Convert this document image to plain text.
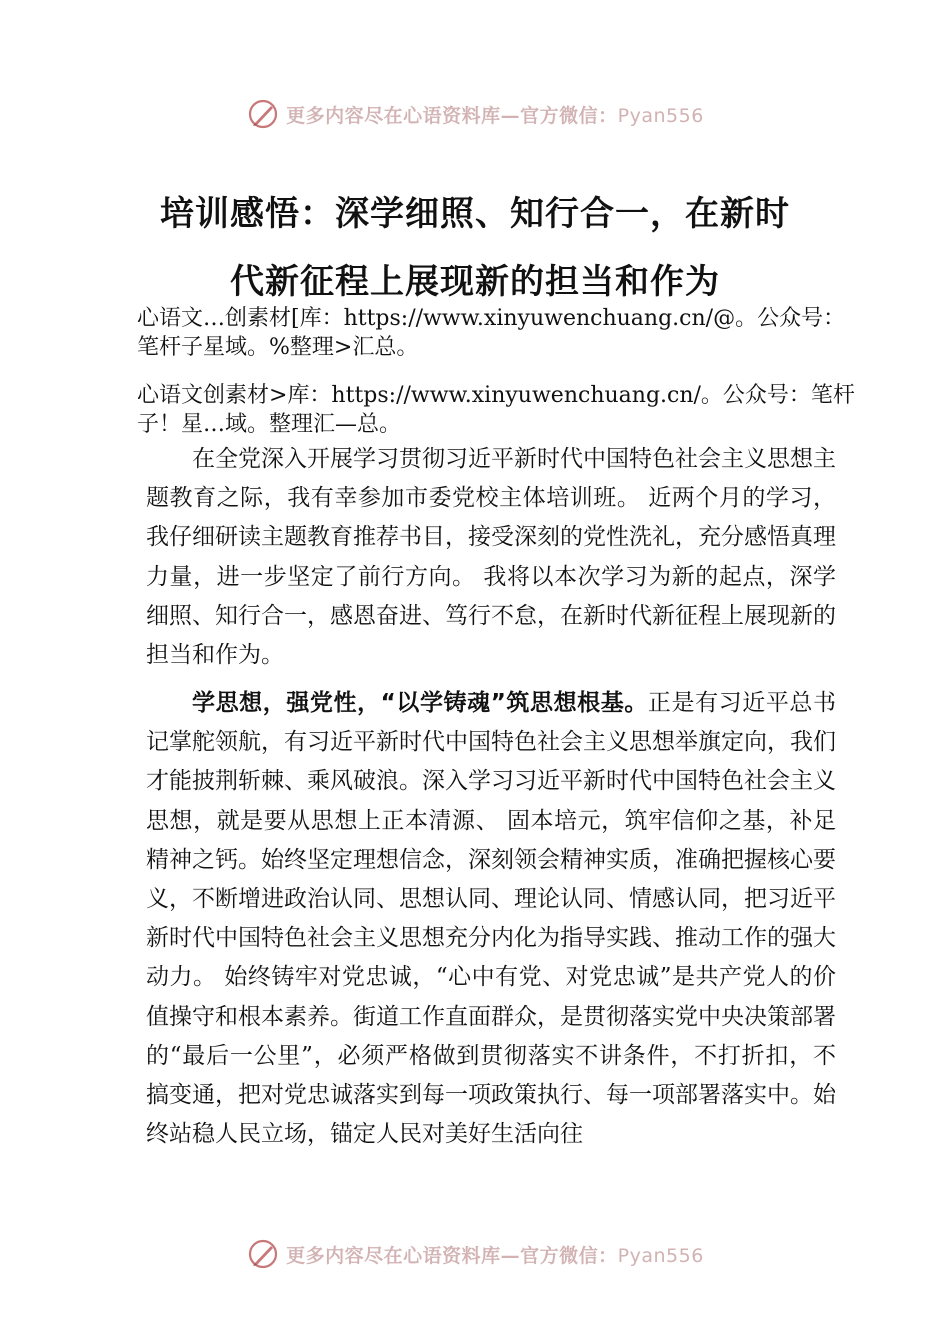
更多内容尽在心语资料库—官方微信：Pyan556
培训感悟：深学细照、知行合一，在新时
代新征程上展现新的担当和作为

心语文…创素材[库：https://www.xinyuwenchuang.cn/@。公众号：笔杆子星域。%整理>汇总。

心语文创素材>库：https://www.xinyuwenchuang.cn/。公众号：笔杆子！星…域。整理汇—总。

在全党深入开展学习贯彻习近平新时代中国特色社会主义思想主题教育之际，我有幸参加市委党校主体培训班。 近两个月的学习，我仔细研读主题教育推荐书目，接受深刻的党性洗礼，充分感悟真理力量，进一步坚定了前行方向。 我将以本次学习为新的起点，深学细照、知行合一，感恩奋进、笃行不怠，在新时代新征程上展现新的担当和作为。

学思想，强党性，“以学铸魂”筑思想根基。正是有习近平总书记掌舵领航，有习近平新时代中国特色社会主义思想举旗定向，我们才能披荆斩棘、乘风破浪。深入学习习近平新时代中国特色社会主义思想，就是要从思想上正本清源、 固本培元，筑牢信仰之基，补足精神之钙。始终坚定理想信念，深刻领会精神实质，准确把握核心要义，不断增进政治认同、思想认同、理论认同、情感认同，把习近平新时代中国特色社会主义思想充分内化为指导实践、推动工作的强大动力。 始终铸牢对党忠诚，“心中有党、对党忠诚”是共产党人的价值操守和根本素养。街道工作直面群众，是贯彻落实党中央决策部署的“最后一公里”，必须严格做到贯彻落实不讲条件，不打折扣，不搞变通，把对党忠诚落实到每一项政策执行、每一项部署落实中。始终站稳人民立场，锚定人民对美好生活向往

更多内容尽在心语资料库—官方微信：Pyan556
